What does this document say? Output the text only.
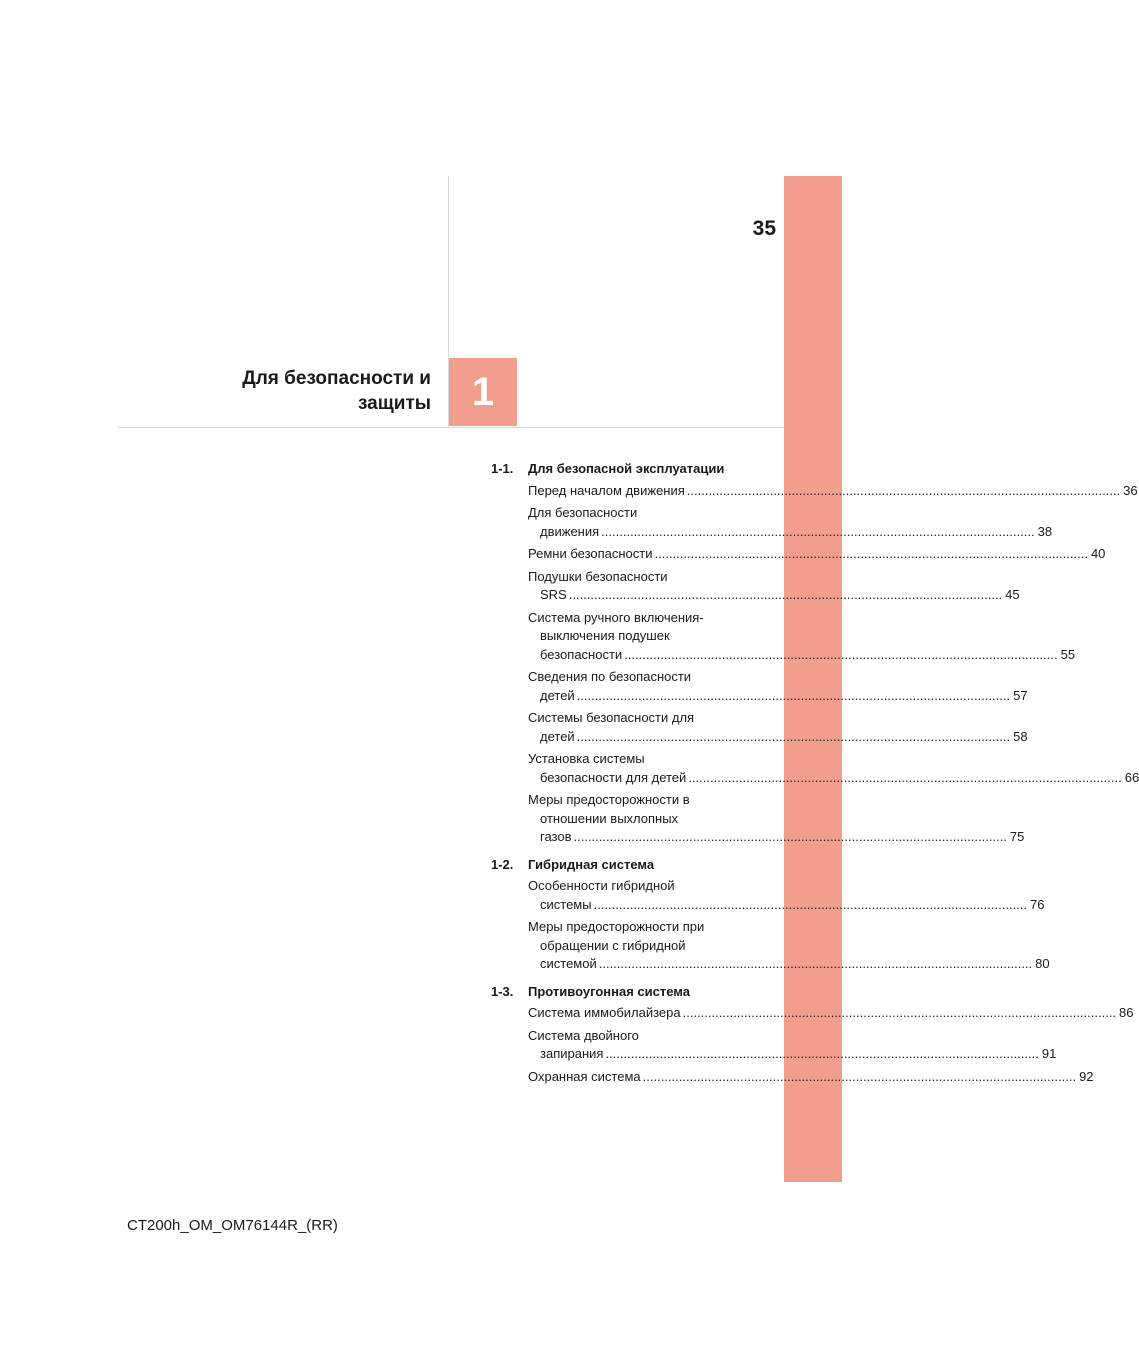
35
1
Для безопасности и
защиты
1-1. Для безопасной эксплуатации
Перед началом движения ........................................................................................................................ 36
Для безопасности
движения ........................................................................................................................ 38
Ремни безопасности ........................................................................................................................ 40
Подушки безопасности
SRS ........................................................................................................................ 45
Система ручного включения-
выключения подушек
безопасности ........................................................................................................................ 55
Сведения по безопасности
детей ........................................................................................................................ 57
Системы безопасности для
детей ........................................................................................................................ 58
Установка системы
безопасности для детей ........................................................................................................................ 66
Меры предосторожности в
отношении выхлопных
газов ........................................................................................................................ 75
1-2. Гибридная система
Особенности гибридной
системы ........................................................................................................................ 76
Меры предосторожности при
обращении с гибридной
системой ........................................................................................................................ 80
1-3. Противоугонная система
Система иммобилайзера ........................................................................................................................ 86
Система двойного
запирания ........................................................................................................................ 91
Охранная система ........................................................................................................................ 92
CT200h_OM_OM76144R_(RR)
